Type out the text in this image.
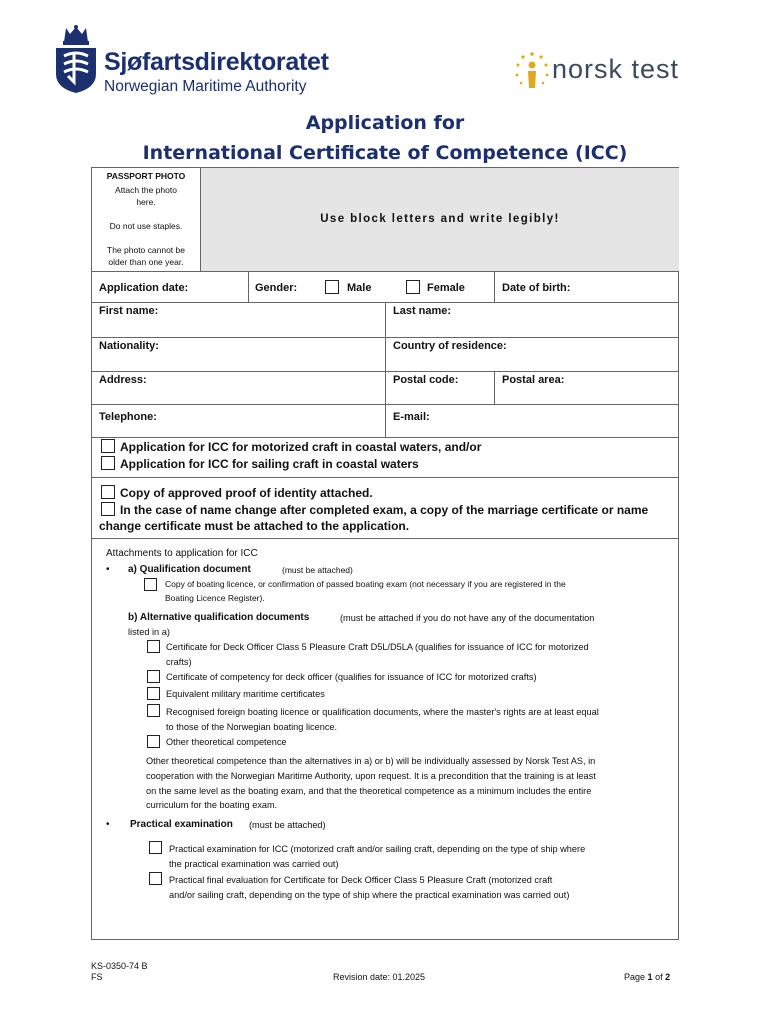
Sjøfartsdirektoratet
Norwegian Maritime Authority
norsk test
Application for
International Certificate of Competence (ICC)
PASSPORT PHOTO
Attach the photo
here.
Do not use staples.
The photo cannot be
older than one year.
Use block letters and write legibly!
Application date:	Gender:	Male	Female	Date of birth:
First name:	Last name:
Nationality:	Country of residence:
Address:	Postal code:	Postal area:
Telephone:	E-mail:
Application for ICC for motorized craft in coastal waters, and/or
Application for ICC for sailing craft in coastal waters
Copy of approved proof of identity attached.
In the case of name change after completed exam, a copy of the marriage certificate or name
change certificate must be attached to the application.
Attachments to application for ICC
• a) Qualification document	(must be attached)
Copy of boating licence, or confirmation of passed boating exam (not necessary if you are registered in the
Boating Licence Register).
b) Alternative qualification documents	(must be attached if you do not have any of the documentation
listed in a)
Certificate for Deck Officer Class 5 Pleasure Craft D5L/D5LA (qualifies for issuance of ICC for motorized
crafts)
Certificate of competency for deck officer (qualifies for issuance of ICC for motorized crafts)
Equivalent military maritime certificates
Recognised foreign boating licence or qualification documents, where the master's rights are at least equal
to those of the Norwegian boating licence.
Other theoretical competence
Other theoretical competence than the alternatives in a) or b) will be individually assessed by Norsk Test AS, in
cooperation with the Norwegian Maritime Authority, upon request. It is a precondition that the training is at least
on the same level as the boating exam, and that the theoretical competence as a minimum includes the entire
curriculum for the boating exam.
• Practical examination (must be attached)
Practical examination for ICC (motorized craft and/or sailing craft, depending on the type of ship where
the practical examination was carried out)
Practical final evaluation for Certificate for Deck Officer Class 5 Pleasure Craft (motorized craft
and/or sailing craft, depending on the type of ship where the practical examination was carried out)
KS-0350-74 B
FS	Revision date: 01.2025	Page 1 of 2
